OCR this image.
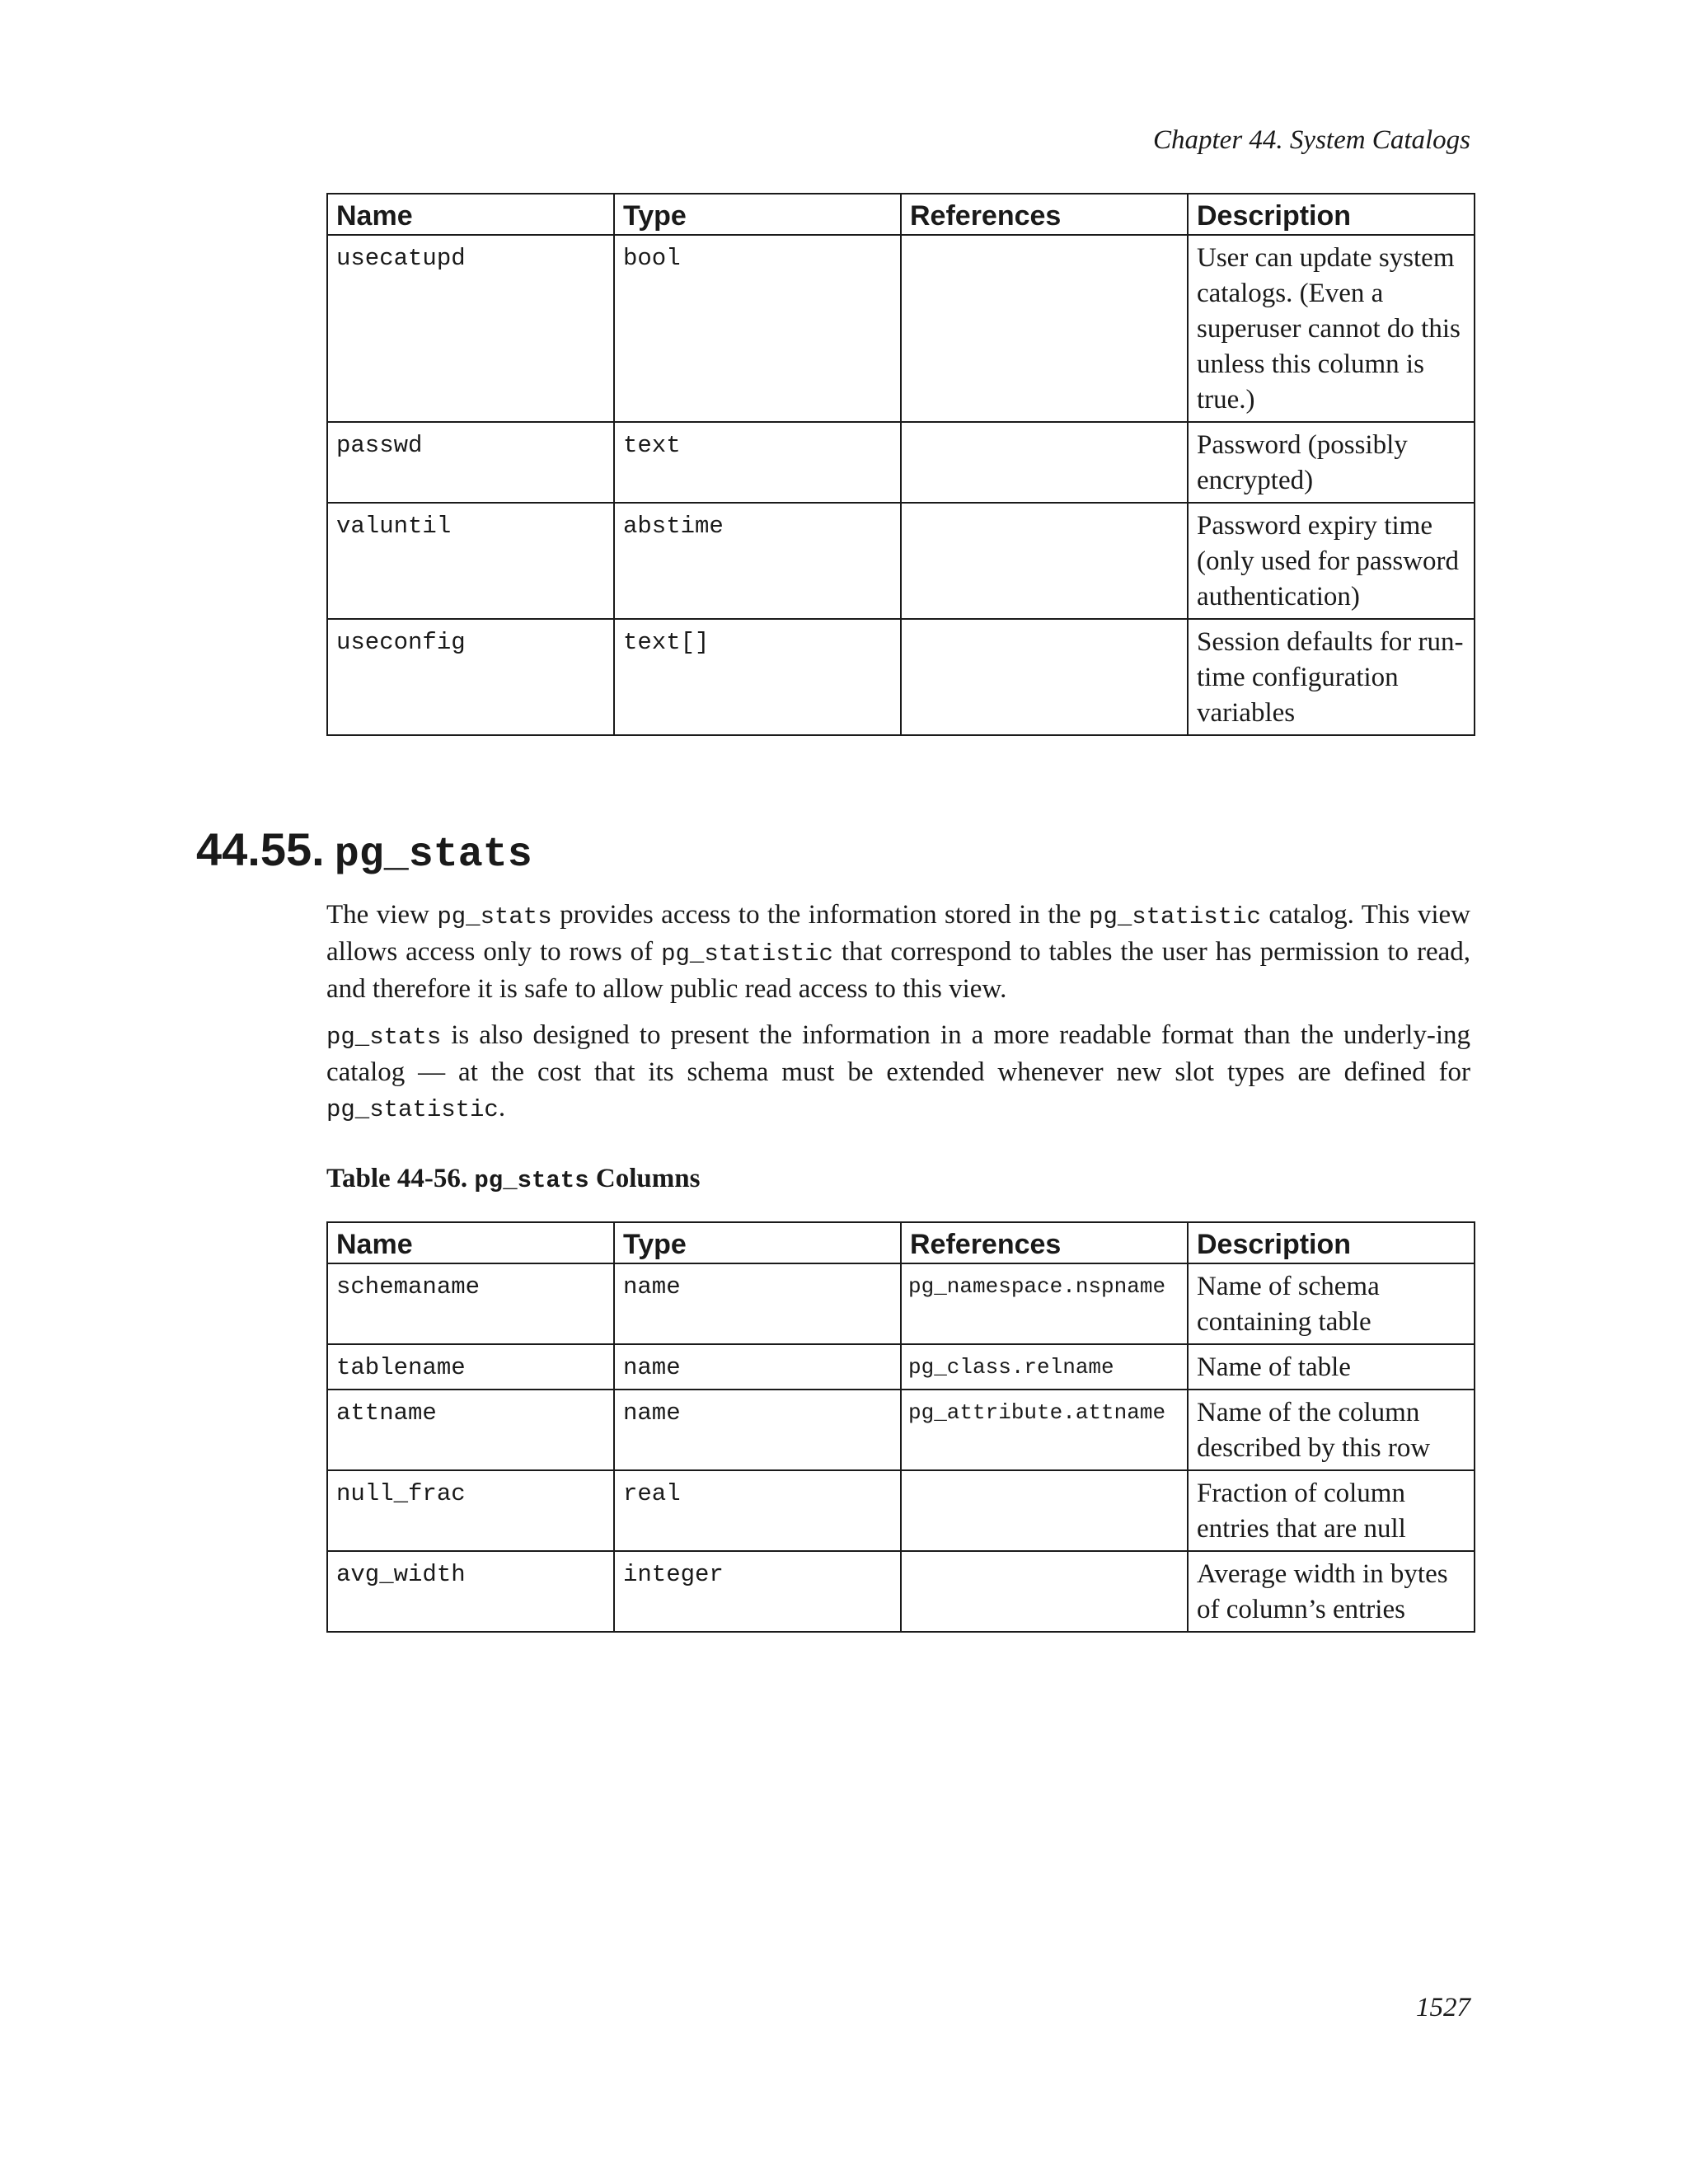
Chapter 44. System Catalogs
Name	Type	References	Description
usecatupd	bool		User can update system catalogs. (Even a superuser cannot do this unless this column is true.)
passwd	text		Password (possibly encrypted)
valuntil	abstime		Password expiry time (only used for password authentication)
useconfig	text[]		Session defaults for run-time configuration variables
44.55. pg_stats
The view pg_stats provides access to the information stored in the pg_statistic catalog. This view allows access only to rows of pg_statistic that correspond to tables the user has permission to read, and therefore it is safe to allow public read access to this view.
pg_stats is also designed to present the information in a more readable format than the underly-ing catalog — at the cost that its schema must be extended whenever new slot types are defined for pg_statistic.
Table 44-56. pg_stats Columns
Name	Type	References	Description
schemaname	name	pg_namespace.nspname	Name of schema containing table
tablename	name	pg_class.relname	Name of table
attname	name	pg_attribute.attname	Name of the column described by this row
null_frac	real		Fraction of column entries that are null
avg_width	integer		Average width in bytes of column’s entries
1527
